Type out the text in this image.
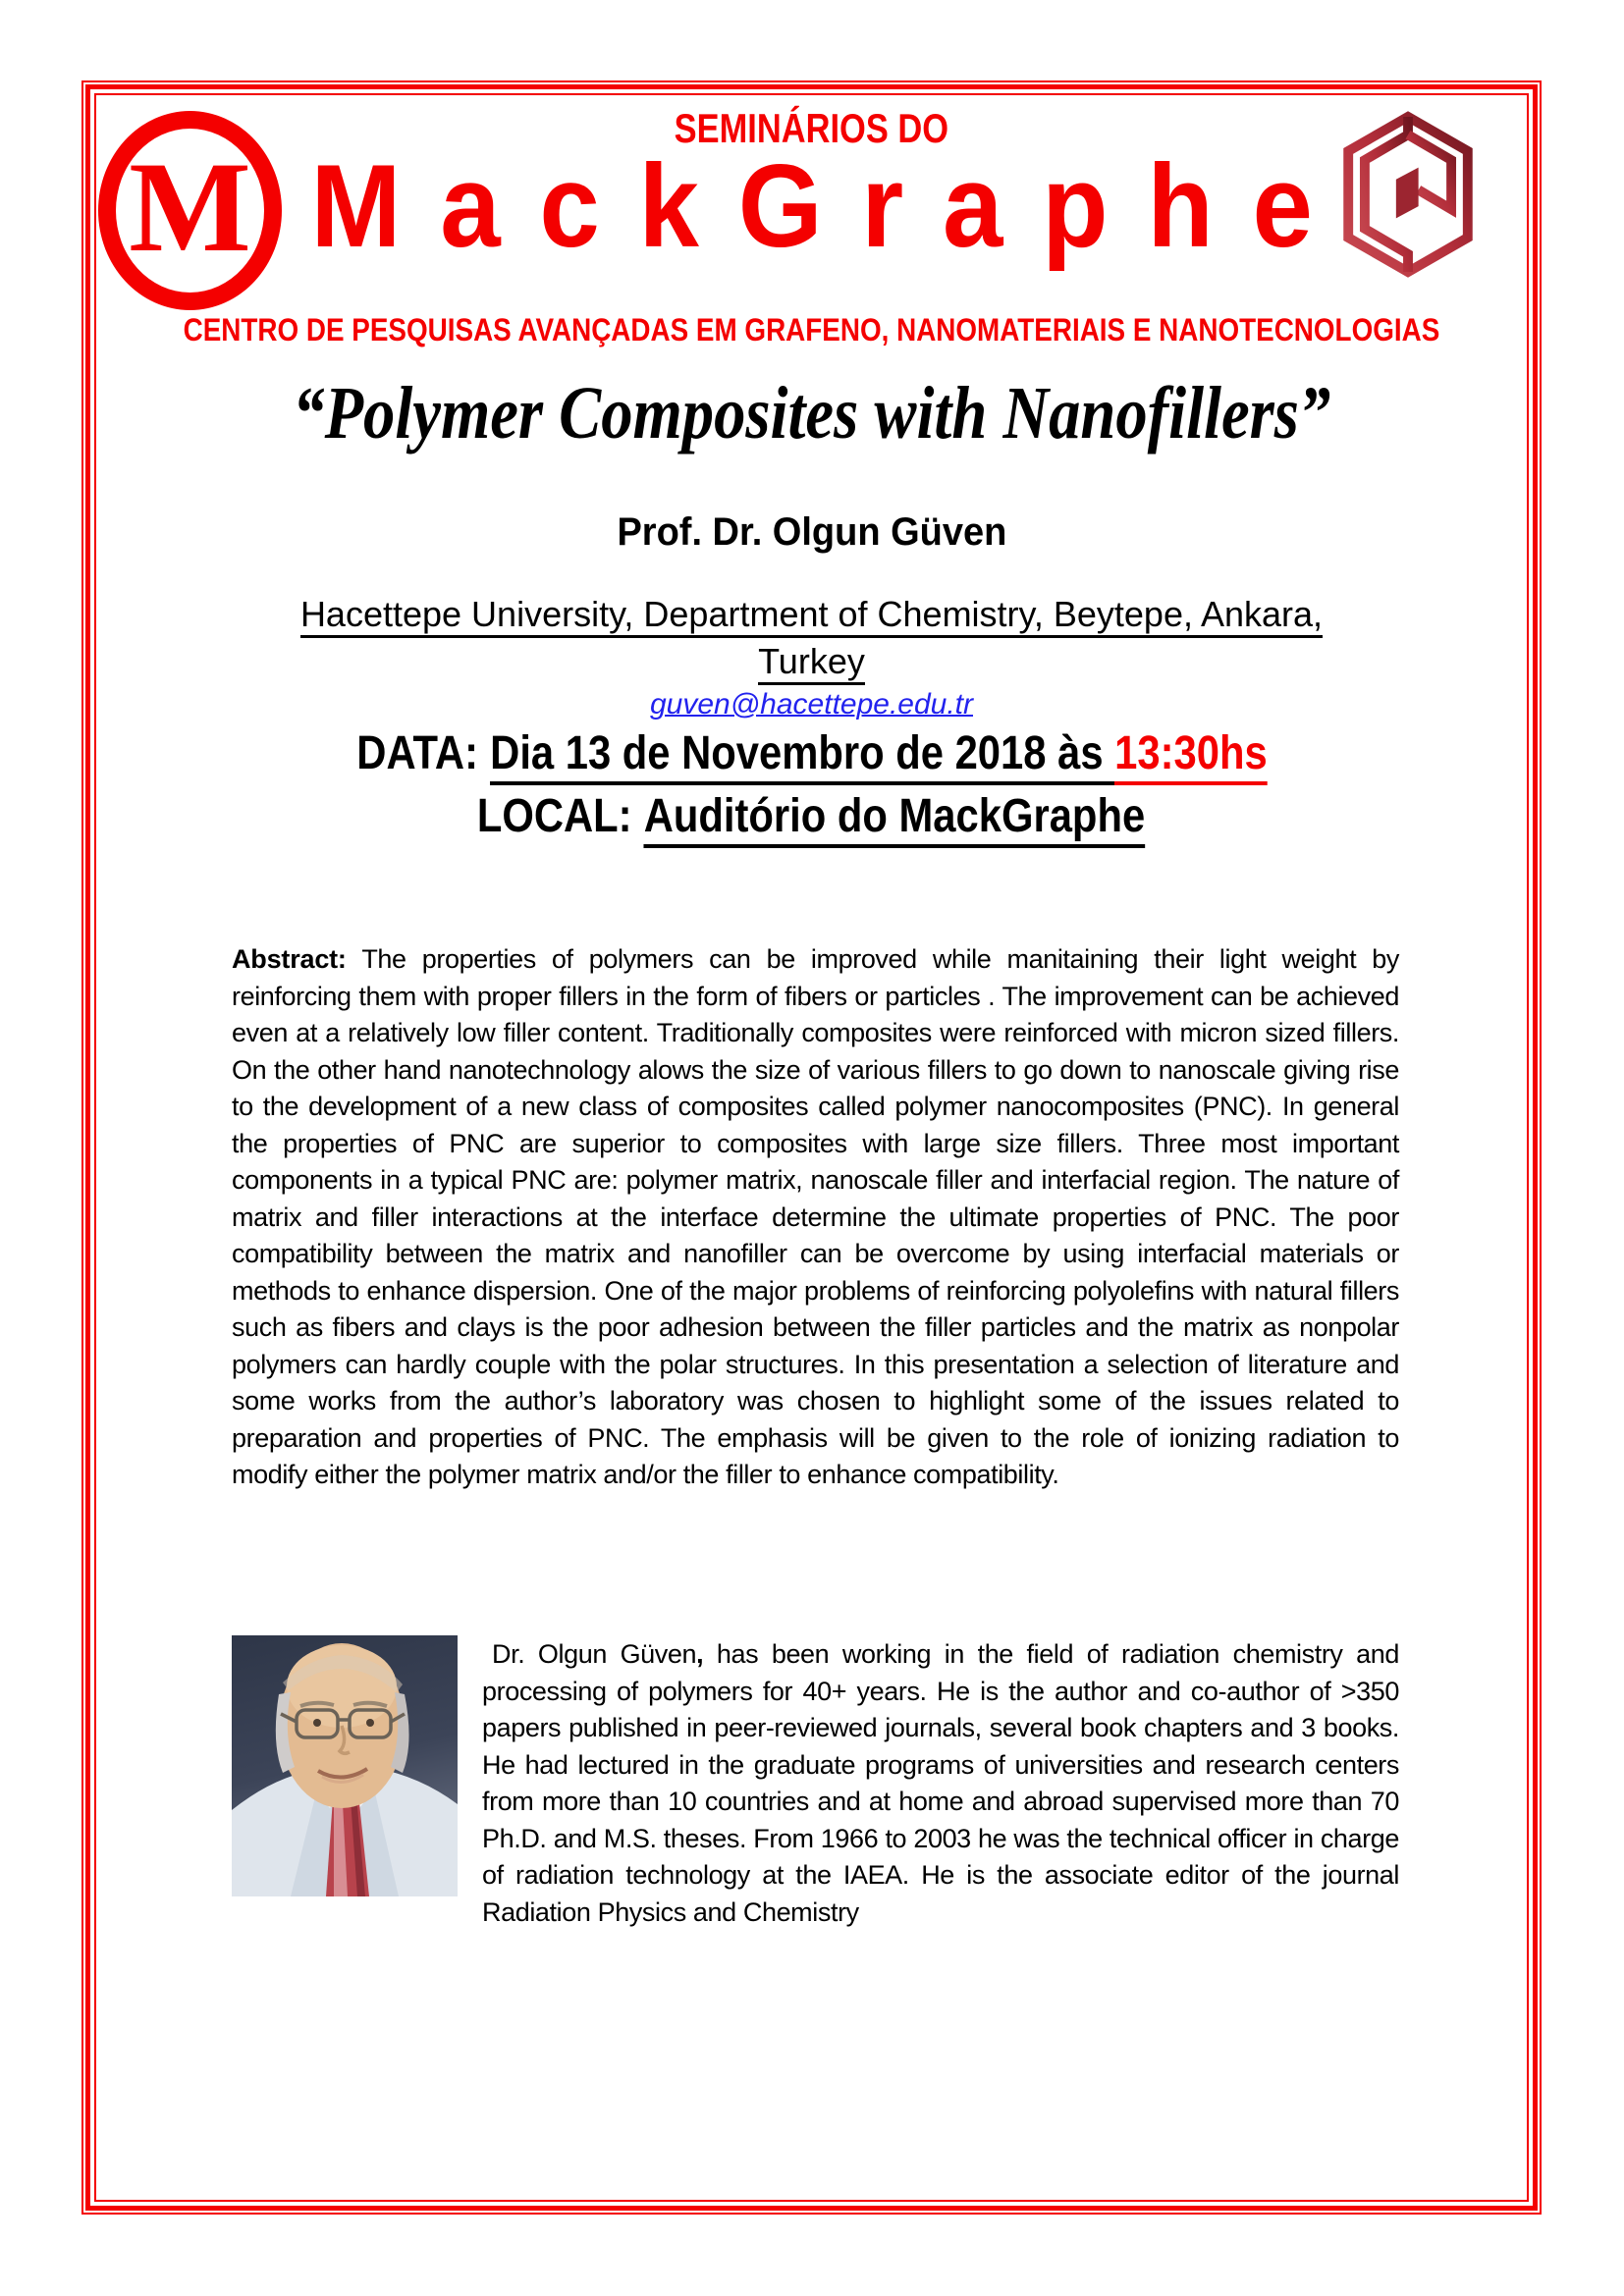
M
SEMINÁRIOS DO
MackGraphe
CENTRO DE PESQUISAS AVANÇADAS EM GRAFENO, NANOMATERIAIS E NANOTECNOLOGIAS
“Polymer Composites with Nanofillers”
Prof. Dr. Olgun Güven
Hacettepe University, Department of Chemistry, Beytepe, Ankara,
Turkey
guven@hacettepe.edu.tr
DATA: Dia 13 de Novembro de 2018 às 13:30hs
LOCAL: Auditório do MackGraphe

Abstract: The properties of polymers can be improved while manitaining their light weight by reinforcing them with proper fillers in the form of fibers or particles . The improvement can be achieved even at a relatively low filler content. Traditionally composites were reinforced with micron sized fillers. On the other hand nanotechnology alows the size of various fillers to go down to nanoscale giving rise to the development of a new class of composites called polymer nanocomposites (PNC). In general the properties of PNC are superior to composites with large size fillers. Three most important components in a typical PNC are: polymer matrix, nanoscale filler and interfacial region. The nature of matrix and filler interactions at the interface determine the ultimate properties of PNC. The poor compatibility between the matrix and nanofiller can be overcome by using interfacial materials or methods to enhance dispersion. One of the major problems of reinforcing polyolefins with natural fillers such as fibers and clays is the poor adhesion between the filler particles and the matrix as nonpolar polymers can hardly couple with the polar structures. In this presentation a selection of literature and some works from the author’s laboratory was chosen to highlight some of the issues related to preparation and properties of PNC. The emphasis will be given to the role of ionizing radiation to modify either the polymer matrix and/or the filler to enhance compatibility.

Dr. Olgun Güven, has been working in the field of radiation chemistry and processing of polymers for 40+ years. He is the author and co-author of >350 papers published in peer-reviewed journals, several book chapters and 3 books. He had lectured in the graduate programs of universities and research centers from more than 10 countries and at home and abroad supervised more than 70 Ph.D. and M.S. theses. From 1966 to 2003 he was the technical officer in charge of radiation technology at the IAEA. He is the associate editor of the journal Radiation Physics and Chemistry
